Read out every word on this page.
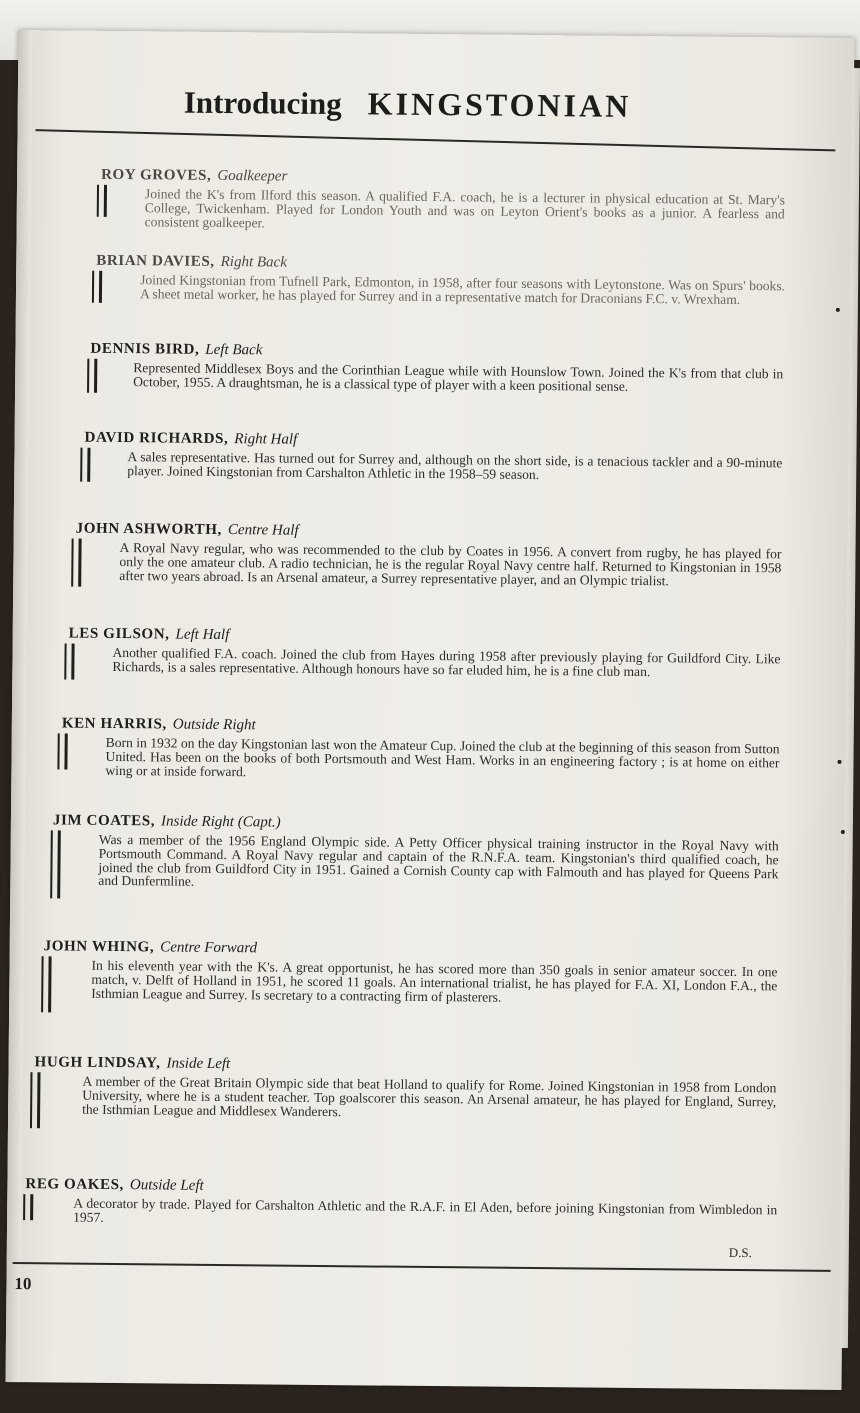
Introducing KINGSTONIAN
ROY GROVES, Goalkeeper
Joined the K's from Ilford this season. A qualified F.A. coach, he is a lecturer in physical education at St. Mary's College, Twickenham. Played for London Youth and was on Leyton Orient's books as a junior. A fearless and consistent goalkeeper.
BRIAN DAVIES, Right Back
Joined Kingstonian from Tufnell Park, Edmonton, in 1958, after four seasons with Leytonstone. Was on Spurs' books. A sheet metal worker, he has played for Surrey and in a representative match for Draconians F.C. v. Wrexham.
DENNIS BIRD, Left Back
Represented Middlesex Boys and the Corinthian League while with Hounslow Town. Joined the K's from that club in October, 1955. A draughtsman, he is a classical type of player with a keen positional sense.
DAVID RICHARDS, Right Half
A sales representative. Has turned out for Surrey and, although on the short side, is a tenacious tackler and a 90-minute player. Joined Kingstonian from Carshalton Athletic in the 1958–59 season.
JOHN ASHWORTH, Centre Half
A Royal Navy regular, who was recommended to the club by Coates in 1956. A convert from rugby, he has played for only the one amateur club. A radio technician, he is the regular Royal Navy centre half. Returned to Kingstonian in 1958 after two years abroad. Is an Arsenal amateur, a Surrey representative player, and an Olympic trialist.
LES GILSON, Left Half
Another qualified F.A. coach. Joined the club from Hayes during 1958 after previously playing for Guildford City. Like Richards, is a sales representative. Although honours have so far eluded him, he is a fine club man.
KEN HARRIS, Outside Right
Born in 1932 on the day Kingstonian last won the Amateur Cup. Joined the club at the beginning of this season from Sutton United. Has been on the books of both Portsmouth and West Ham. Works in an engineering factory ; is at home on either wing or at inside forward.
JIM COATES, Inside Right (Capt.)
Was a member of the 1956 England Olympic side. A Petty Officer physical training instructor in the Royal Navy with Portsmouth Command. A Royal Navy regular and captain of the R.N.F.A. team. Kingstonian's third qualified coach, he joined the club from Guildford City in 1951. Gained a Cornish County cap with Falmouth and has played for Queens Park and Dunfermline.
JOHN WHING, Centre Forward
In his eleventh year with the K's. A great opportunist, he has scored more than 350 goals in senior amateur soccer. In one match, v. Delft of Holland in 1951, he scored 11 goals. An international trialist, he has played for F.A. XI, London F.A., the Isthmian League and Surrey. Is secretary to a contracting firm of plasterers.
HUGH LINDSAY, Inside Left
A member of the Great Britain Olympic side that beat Holland to qualify for Rome. Joined Kingstonian in 1958 from London University, where he is a student teacher. Top goalscorer this season. An Arsenal amateur, he has played for England, Surrey, the Isthmian League and Middlesex Wanderers.
REG OAKES, Outside Left
A decorator by trade. Played for Carshalton Athletic and the R.A.F. in El Aden, before joining Kingstonian from Wimbledon in 1957.
D.S.
10
